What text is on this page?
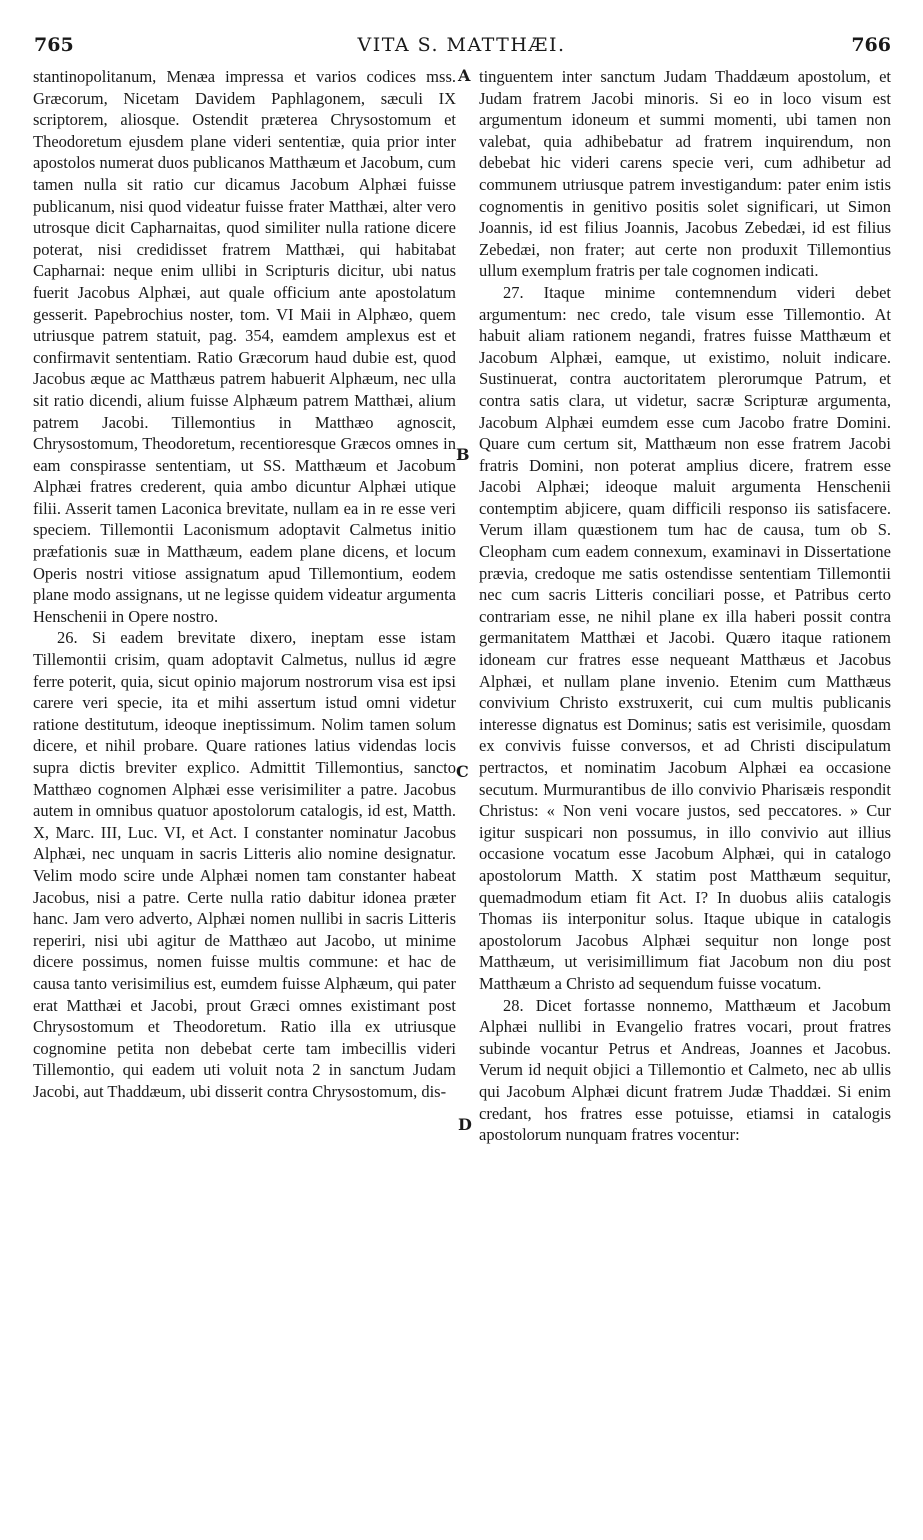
765	VITA S. MATTHÆI.	766

stantinopolitanum, Menæa impressa et varios codices mss. Græcorum, Nicetam Davidem Paphlagonem, sæculi IX scriptorem, aliosque. Ostendit præterea Chrysostomum et Theodoretum ejusdem plane videri sententiæ, quia prior inter apostolos numerat duos publicanos Matthæum et Jacobum, cum tamen nulla sit ratio cur dicamus Jacobum Alphæi fuisse publicanum, nisi quod videatur fuisse frater Matthæi, alter vero utrosque dicit Capharnaitas, quod similiter nulla ratione dicere poterat, nisi credidisset fratrem Matthæi, qui habitabat Capharnai: neque enim ullibi in Scripturis dicitur, ubi natus fuerit Jacobus Alphæi, aut quale officium ante apostolatum gesserit. Papebrochius noster, tom. VI Maii in Alphæo, quem utriusque patrem statuit, pag. 354, eamdem amplexus est et confirmavit sententiam. Ratio Græcorum haud dubie est, quod Jacobus æque ac Matthæus patrem habuerit Alphæum, nec ulla sit ratio dicendi, alium fuisse Alphæum patrem Matthæi, alium patrem Jacobi. Tillemontius in Matthæo agnoscit, Chrysostomum, Theodoretum, recentioresque Græcos omnes in eam conspirasse sententiam, ut SS. Matthæum et Jacobum Alphæi fratres crederent, quia ambo dicuntur Alphæi utique filii. Asserit tamen Laconica brevitate, nullam ea in re esse veri speciem. Tillemontii Laconismum adoptavit Calmetus initio præfationis suæ in Matthæum, eadem plane dicens, et locum Operis nostri vitiose assignatum apud Tillemontium, eodem plane modo assignans, ut ne legisse quidem videatur argumenta Henschenii in Opere nostro.

26. Si eadem brevitate dixero, ineptam esse istam Tillemontii crisim, quam adoptavit Calmetus, nullus id ægre ferre poterit, quia, sicut opinio majorum nostrorum visa est ipsi carere veri specie, ita et mihi assertum istud omni videtur ratione destitutum, ideoque ineptissimum. Nolim tamen solum dicere, et nihil probare. Quare rationes latius videndas locis supra dictis breviter explico. Admittit Tillemontius, sancto Matthæo cognomen Alphæi esse verisimiliter a patre. Jacobus autem in omnibus quatuor apostolorum catalogis, id est, Matth. X, Marc. III, Luc. VI, et Act. I constanter nominatur Jacobus Alphæi, nec unquam in sacris Litteris alio nomine designatur. Velim modo scire unde Alphæi nomen tam constanter habeat Jacobus, nisi a patre. Certe nulla ratio dabitur idonea præter hanc. Jam vero adverto, Alphæi nomen nullibi in sacris Litteris reperiri, nisi ubi agitur de Matthæo aut Jacobo, ut minime dicere possimus, nomen fuisse multis commune: et hac de causa tanto verisimilius est, eumdem fuisse Alphæum, qui pater erat Matthæi et Jacobi, prout Græci omnes existimant post Chrysostomum et Theodoretum. Ratio illa ex utriusque cognomine petita non debebat certe tam imbecillis videri Tillemontio, qui eadem uti voluit nota 2 in sanctum Judam Jacobi, aut Thaddæum, ubi disserit contra Chrysostomum, dis-

tinguentem inter sanctum Judam Thaddæum apostolum, et Judam fratrem Jacobi minoris. Si eo in loco visum est argumentum idoneum et summi momenti, ubi tamen non valebat, quia adhibebatur ad fratrem inquirendum, non debebat hic videri carens specie veri, cum adhibetur ad communem utriusque patrem investigandum: pater enim istis cognomentis in genitivo positis solet significari, ut Simon Joannis, id est filius Joannis, Jacobus Zebedæi, id est filius Zebedæi, non frater; aut certe non produxit Tillemontius ullum exemplum fratris per tale cognomen indicati.

27. Itaque minime contemnendum videri debet argumentum: nec credo, tale visum esse Tillemontio. At habuit aliam rationem negandi, fratres fuisse Matthæum et Jacobum Alphæi, eamque, ut existimo, noluit indicare. Sustinuerat, contra auctoritatem plerorumque Patrum, et contra satis clara, ut videtur, sacræ Scripturæ argumenta, Jacobum Alphæi eumdem esse cum Jacobo fratre Domini. Quare cum certum sit, Matthæum non esse fratrem Jacobi fratris Domini, non poterat amplius dicere, fratrem esse Jacobi Alphæi; ideoque maluit argumenta Henschenii contemptim abjicere, quam difficili responso iis satisfacere. Verum illam quæstionem tum hac de causa, tum ob S. Cleopham cum eadem connexum, examinavi in Dissertatione prævia, credoque me satis ostendisse sententiam Tillemontii nec cum sacris Litteris conciliari posse, et Patribus certo contrariam esse, ne nihil plane ex illa haberi possit contra germanitatem Matthæi et Jacobi. Quæro itaque rationem idoneam cur fratres esse nequeant Matthæus et Jacobus Alphæi, et nullam plane invenio. Etenim cum Matthæus convivium Christo exstruxerit, cui cum multis publicanis interesse dignatus est Dominus; satis est verisimile, quosdam ex convivis fuisse conversos, et ad Christi discipulatum pertractos, et nominatim Jacobum Alphæi ea occasione secutum. Murmurantibus de illo convivio Pharisæis respondit Christus: « Non veni vocare justos, sed peccatores. » Cur igitur suspicari non possumus, in illo convivio aut illius occasione vocatum esse Jacobum Alphæi, qui in catalogo apostolorum Matth. X statim post Matthæum sequitur, quemadmodum etiam fit Act. I? In duobus aliis catalogis Thomas iis interponitur solus. Itaque ubique in catalogis apostolorum Jacobus Alphæi sequitur non longe post Matthæum, ut verisimillimum fiat Jacobum non diu post Matthæum a Christo ad sequendum fuisse vocatum.

28. Dicet fortasse nonnemo, Matthæum et Jacobum Alphæi nullibi in Evangelio fratres vocari, prout fratres subinde vocantur Petrus et Andreas, Joannes et Jacobus. Verum id nequit objici a Tillemontio et Calmeto, nec ab ullis qui Jacobum Alphæi dicunt fratrem Judæ Thaddæi. Si enim credant, hos fratres esse potuisse, etiamsi in catalogis apostolorum nunquam fratres vocentur:

A
B
C
D
